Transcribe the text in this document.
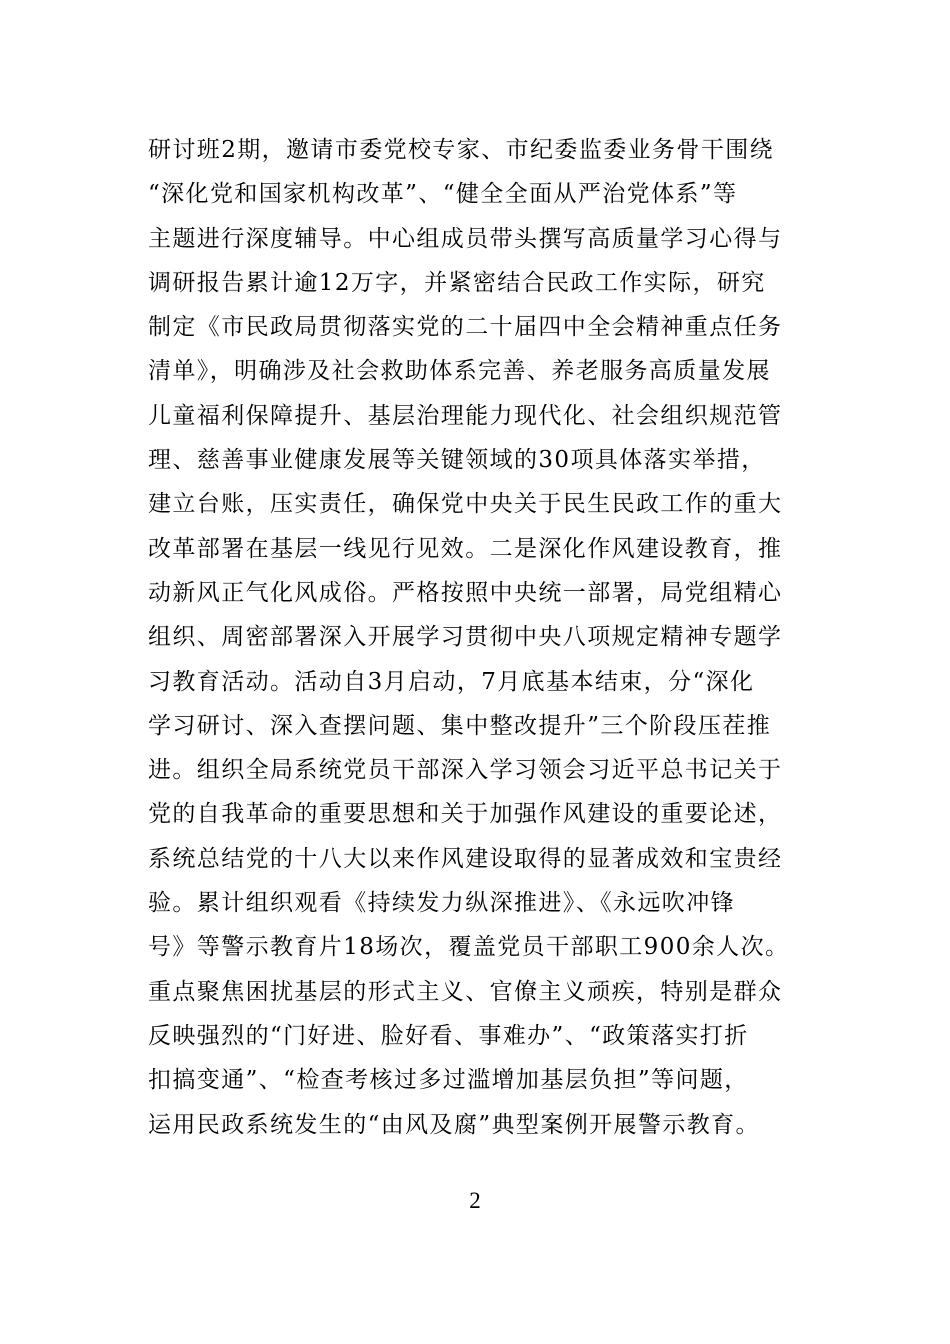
研讨班2期，邀请市委党校专家、市纪委监委业务骨干围绕
“深化党和国家机构改革”、“健全全面从严治党体系”等
主题进行深度辅导。中心组成员带头撰写高质量学习心得与
调研报告累计逾12万字，并紧密结合民政工作实际，研究
制定《市民政局贯彻落实党的二十届四中全会精神重点任务
清单》，明确涉及社会救助体系完善、养老服务高质量发展
儿童福利保障提升、基层治理能力现代化、社会组织规范管
理、慈善事业健康发展等关键领域的30项具体落实举措，
建立台账，压实责任，确保党中央关于民生民政工作的重大
改革部署在基层一线见行见效。二是深化作风建设教育，推
动新风正气化风成俗。严格按照中央统一部署，局党组精心
组织、周密部署深入开展学习贯彻中央八项规定精神专题学
习教育活动。活动自3月启动，7月底基本结束，分“深化
学习研讨、深入查摆问题、集中整改提升”三个阶段压茬推
进。组织全局系统党员干部深入学习领会习近平总书记关于
党的自我革命的重要思想和关于加强作风建设的重要论述，
系统总结党的十八大以来作风建设取得的显著成效和宝贵经
验。累计组织观看《持续发力纵深推进》、《永远吹冲锋
号》等警示教育片18场次，覆盖党员干部职工900余人次。
重点聚焦困扰基层的形式主义、官僚主义顽疾，特别是群众
反映强烈的“门好进、脸好看、事难办”、“政策落实打折
扣搞变通”、“检查考核过多过滥增加基层负担”等问题，
运用民政系统发生的“由风及腐”典型案例开展警示教育。
2
